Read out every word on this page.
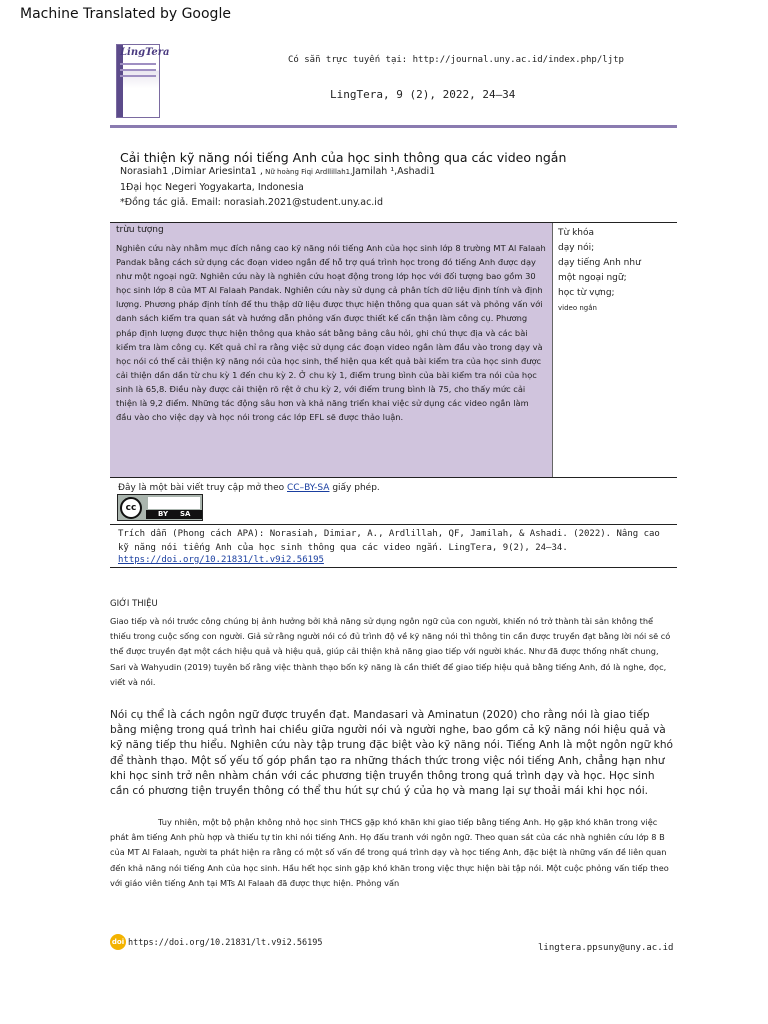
Machine Translated by Google
LingTera
Có sẵn trực tuyến tại: http://journal.uny.ac.id/index.php/ljtp
LingTera, 9 (2), 2022, 24–34
Cải thiện kỹ năng nói tiếng Anh của học sinh thông qua các video ngắn
Norasiah1 ,Dimiar Ariesinta1 , Nữ hoàng Fiqi Ardllillah1,Jamilah ¹,Ashadi1
1Đại học Negeri Yogyakarta, Indonesia
*Đồng tác giả. Email: norasiah.2021@student.uny.ac.id
trừu tượng
Nghiên cứu này nhằm mục đích nâng cao kỹ năng nói tiếng Anh của học sinh lớp 8 trường MT Al Falaah Pandak bằng cách sử dụng các đoạn video ngắn để hỗ trợ quá trình học trong đó tiếng Anh được dạy như một ngoại ngữ. Nghiên cứu này là nghiên cứu hoạt động trong lớp học với đối tượng bao gồm 30 học sinh lớp 8 của MT Al Falaah Pandak. Nghiên cứu này sử dụng cả phân tích dữ liệu định tính và định lượng. Phương pháp định tính để thu thập dữ liệu được thực hiện thông qua quan sát và phỏng vấn với danh sách kiểm tra quan sát và hướng dẫn phỏng vấn được thiết kế cẩn thận làm công cụ. Phương pháp định lượng được thực hiện thông qua khảo sát bằng bảng câu hỏi, ghi chú thực địa và các bài kiểm tra làm công cụ. Kết quả chỉ ra rằng việc sử dụng các đoạn video ngắn làm đầu vào trong dạy và học nói có thể cải thiện kỹ năng nói của học sinh, thể hiện qua kết quả bài kiểm tra của học sinh được cải thiện dần dần từ chu kỳ 1 đến chu kỳ 2. Ở chu kỳ 1, điểm trung bình của bài kiểm tra nói của học sinh là 65,8. Điều này được cải thiện rõ rệt ở chu kỳ 2, với điểm trung bình là 75, cho thấy mức cải thiện là 9,2 điểm. Những tác động sâu hơn và khả năng triển khai việc sử dụng các video ngắn làm đầu vào cho việc dạy và học nói trong các lớp EFL sẽ được thảo luận.
Từ khóa
dạy nói;
dạy tiếng Anh như
một ngoại ngữ;
học từ vựng;
video ngắn
Đây là một bài viết truy cập mở theo CC–BY-SA giấy phép.
cc
BY SA
Trích dẫn (Phong cách APA): Norasiah, Dimiar, A., Ardlillah, QF, Jamilah, & Ashadi. (2022). Nâng cao kỹ năng nói tiếng Anh của học sinh thông qua các video ngắn. LingTera, 9(2), 24–34.
https://doi.org/10.21831/lt.v9i2.56195
GIỚI THIỆU
Giao tiếp và nói trước công chúng bị ảnh hưởng bởi khả năng sử dụng ngôn ngữ của con người, khiến nó trở thành tài sản không thể thiếu trong cuộc sống con người. Giả sử rằng người nói có đủ trình độ về kỹ năng nói thì thông tin cần được truyền đạt bằng lời nói sẽ có thể được truyền đạt một cách hiệu quả và hiệu quả, giúp cải thiện khả năng giao tiếp với người khác. Như đã được thống nhất chung, Sari và Wahyudin (2019) tuyên bố rằng việc thành thạo bốn kỹ năng là cần thiết để giao tiếp hiệu quả bằng tiếng Anh, đó là nghe, đọc, viết và nói.
Nói cụ thể là cách ngôn ngữ được truyền đạt. Mandasari và Aminatun (2020) cho rằng nói là giao tiếp bằng miệng trong quá trình hai chiều giữa người nói và người nghe, bao gồm cả kỹ năng nói hiệu quả và kỹ năng tiếp thu hiểu. Nghiên cứu này tập trung đặc biệt vào kỹ năng nói. Tiếng Anh là một ngôn ngữ khó để thành thạo. Một số yếu tố góp phần tạo ra những thách thức trong việc nói tiếng Anh, chẳng hạn như khi học sinh trở nên nhàm chán với các phương tiện truyền thông trong quá trình dạy và học. Học sinh cần có phương tiện truyền thông có thể thu hút sự chú ý của họ và mang lại sự thoải mái khi học nói.
Tuy nhiên, một bộ phận không nhỏ học sinh THCS gặp khó khăn khi giao tiếp bằng tiếng Anh. Họ gặp khó khăn trong việc phát âm tiếng Anh phù hợp và thiếu tự tin khi nói tiếng Anh. Họ đấu tranh với ngôn ngữ. Theo quan sát của các nhà nghiên cứu lớp 8 B của MT Al Falaah, người ta phát hiện ra rằng có một số vấn đề trong quá trình dạy và học tiếng Anh, đặc biệt là những vấn đề liên quan đến khả năng nói tiếng Anh của học sinh. Hầu hết học sinh gặp khó khăn trong việc thực hiện bài tập nói. Một cuộc phỏng vấn tiếp theo với giáo viên tiếng Anh tại MTs Al Falaah đã được thực hiện. Phỏng vấn
doi https://doi.org/10.21831/lt.v9i2.56195	lingtera.ppsuny@uny.ac.id
